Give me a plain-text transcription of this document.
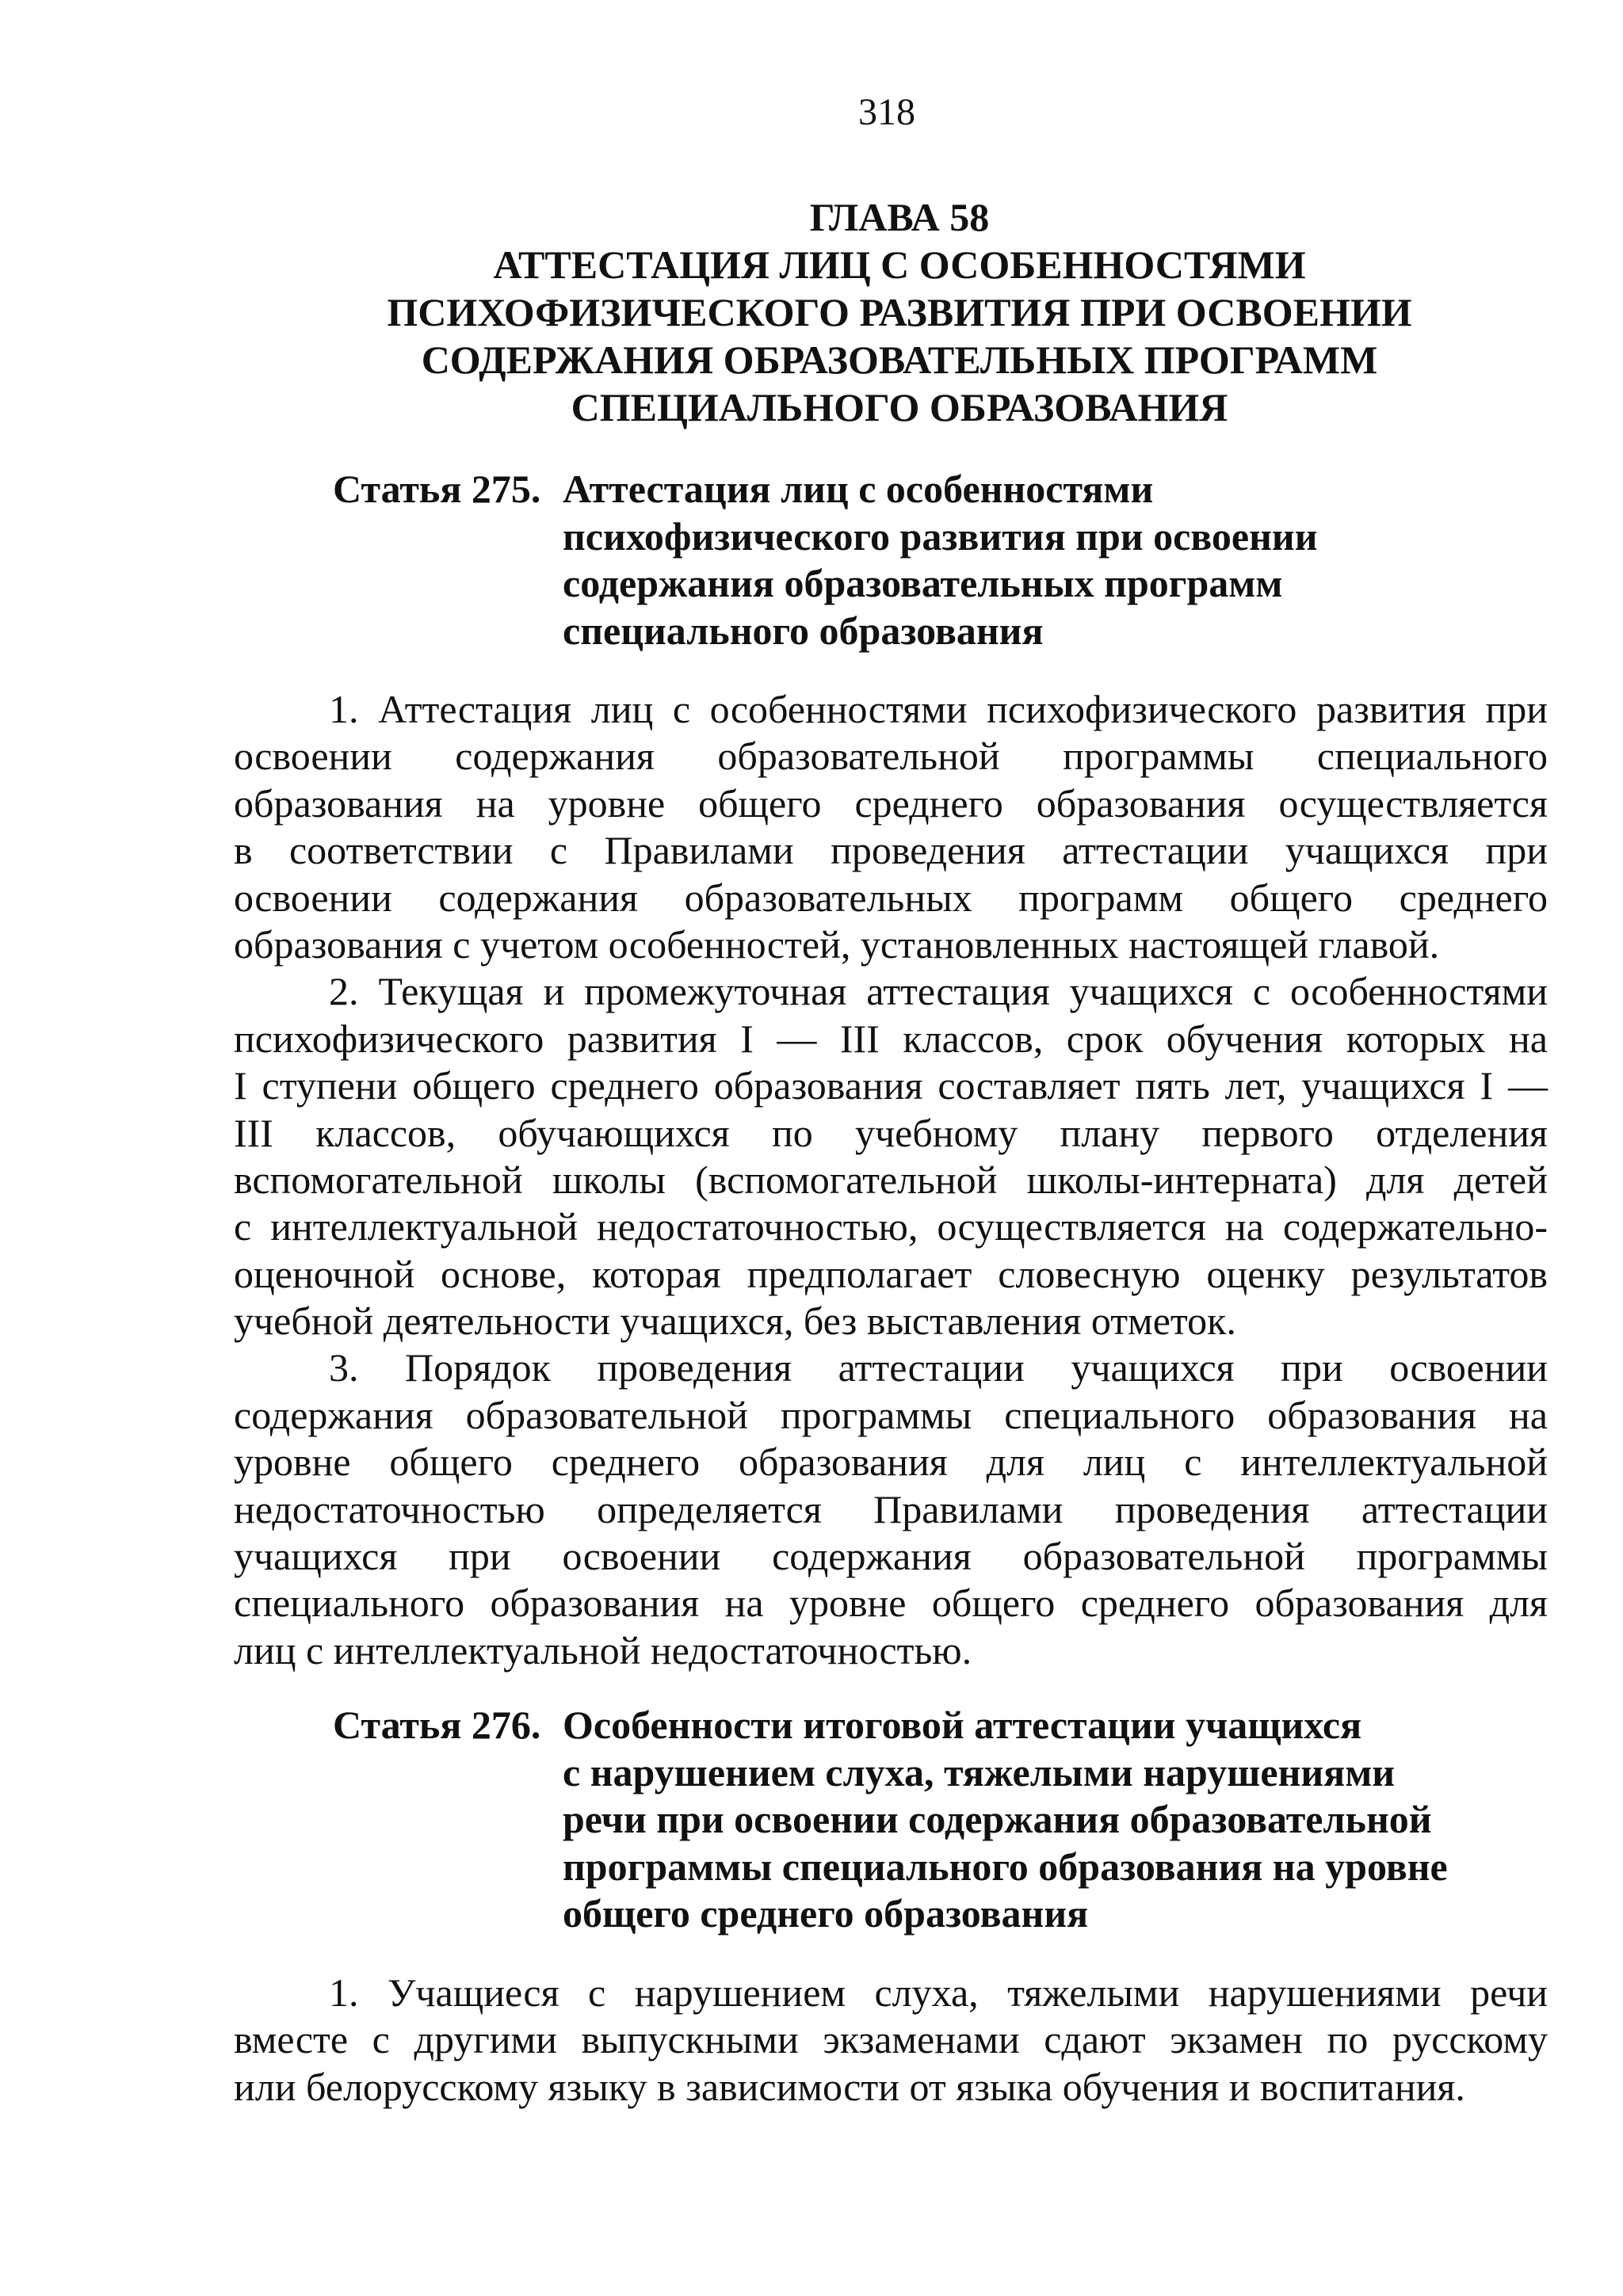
318
ГЛАВА 58
АТТЕСТАЦИЯ ЛИЦ С ОСОБЕННОСТЯМИ
ПСИХОФИЗИЧЕСКОГО РАЗВИТИЯ ПРИ ОСВОЕНИИ
СОДЕРЖАНИЯ ОБРАЗОВАТЕЛЬНЫХ ПРОГРАММ
СПЕЦИАЛЬНОГО ОБРАЗОВАНИЯ
Статья 275. Аттестация лиц с особенностями
психофизического развития при освоении
содержания образовательных программ
специального образования
1. Аттестация лиц с особенностями психофизического развития при
освоении содержания образовательной программы специального
образования на уровне общего среднего образования осуществляется
в соответствии с Правилами проведения аттестации учащихся при
освоении содержания образовательных программ общего среднего
образования с учетом особенностей, установленных настоящей главой.
2. Текущая и промежуточная аттестация учащихся с особенностями
психофизического развития I — III классов, срок обучения которых на
I ступени общего среднего образования составляет пять лет, учащихся I —
III классов, обучающихся по учебному плану первого отделения
вспомогательной школы (вспомогательной школы-интерната) для детей
с интеллектуальной недостаточностью, осуществляется на содержательно-
оценочной основе, которая предполагает словесную оценку результатов
учебной деятельности учащихся, без выставления отметок.
3. Порядок проведения аттестации учащихся при освоении
содержания образовательной программы специального образования на
уровне общего среднего образования для лиц с интеллектуальной
недостаточностью определяется Правилами проведения аттестации
учащихся при освоении содержания образовательной программы
специального образования на уровне общего среднего образования для
лиц с интеллектуальной недостаточностью.
Статья 276. Особенности итоговой аттестации учащихся
с нарушением слуха, тяжелыми нарушениями
речи при освоении содержания образовательной
программы специального образования на уровне
общего среднего образования
1. Учащиеся с нарушением слуха, тяжелыми нарушениями речи
вместе с другими выпускными экзаменами сдают экзамен по русскому
или белорусскому языку в зависимости от языка обучения и воспитания.
